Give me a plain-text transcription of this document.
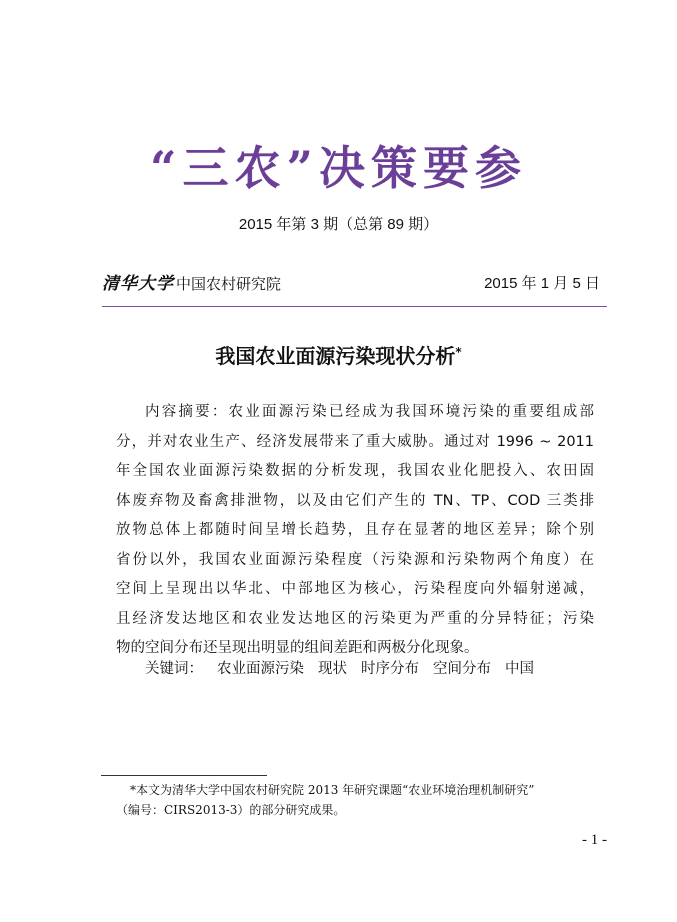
“三农”决策要参
2015 年第 3 期（总第 89 期）
清华大学 中国农村研究院	2015 年 1 月 5 日
我国农业面源污染现状分析*
内容摘要：农业面源污染已经成为我国环境污染的重要组成部
分，并对农业生产、经济发展带来了重大威胁。通过对 1996 ~ 2011
年全国农业面源污染数据的分析发现，我国农业化肥投入、农田固
体废弃物及畜禽排泄物，以及由它们产生的 TN、TP、COD 三类排
放物总体上都随时间呈增长趋势，且存在显著的地区差异；除个别
省份以外，我国农业面源污染程度（污染源和污染物两个角度）在
空间上呈现出以华北、中部地区为核心，污染程度向外辐射递减，
且经济发达地区和农业发达地区的污染更为严重的分异特征；污染
物的空间分布还呈现出明显的组间差距和两极分化现象。
关键词： 农业面源污染 现状 时序分布 空间分布 中国
*本文为清华大学中国农村研究院 2013 年研究课题“农业环境治理机制研究”
（编号：CIRS2013-3）的部分研究成果。
- 1 -
